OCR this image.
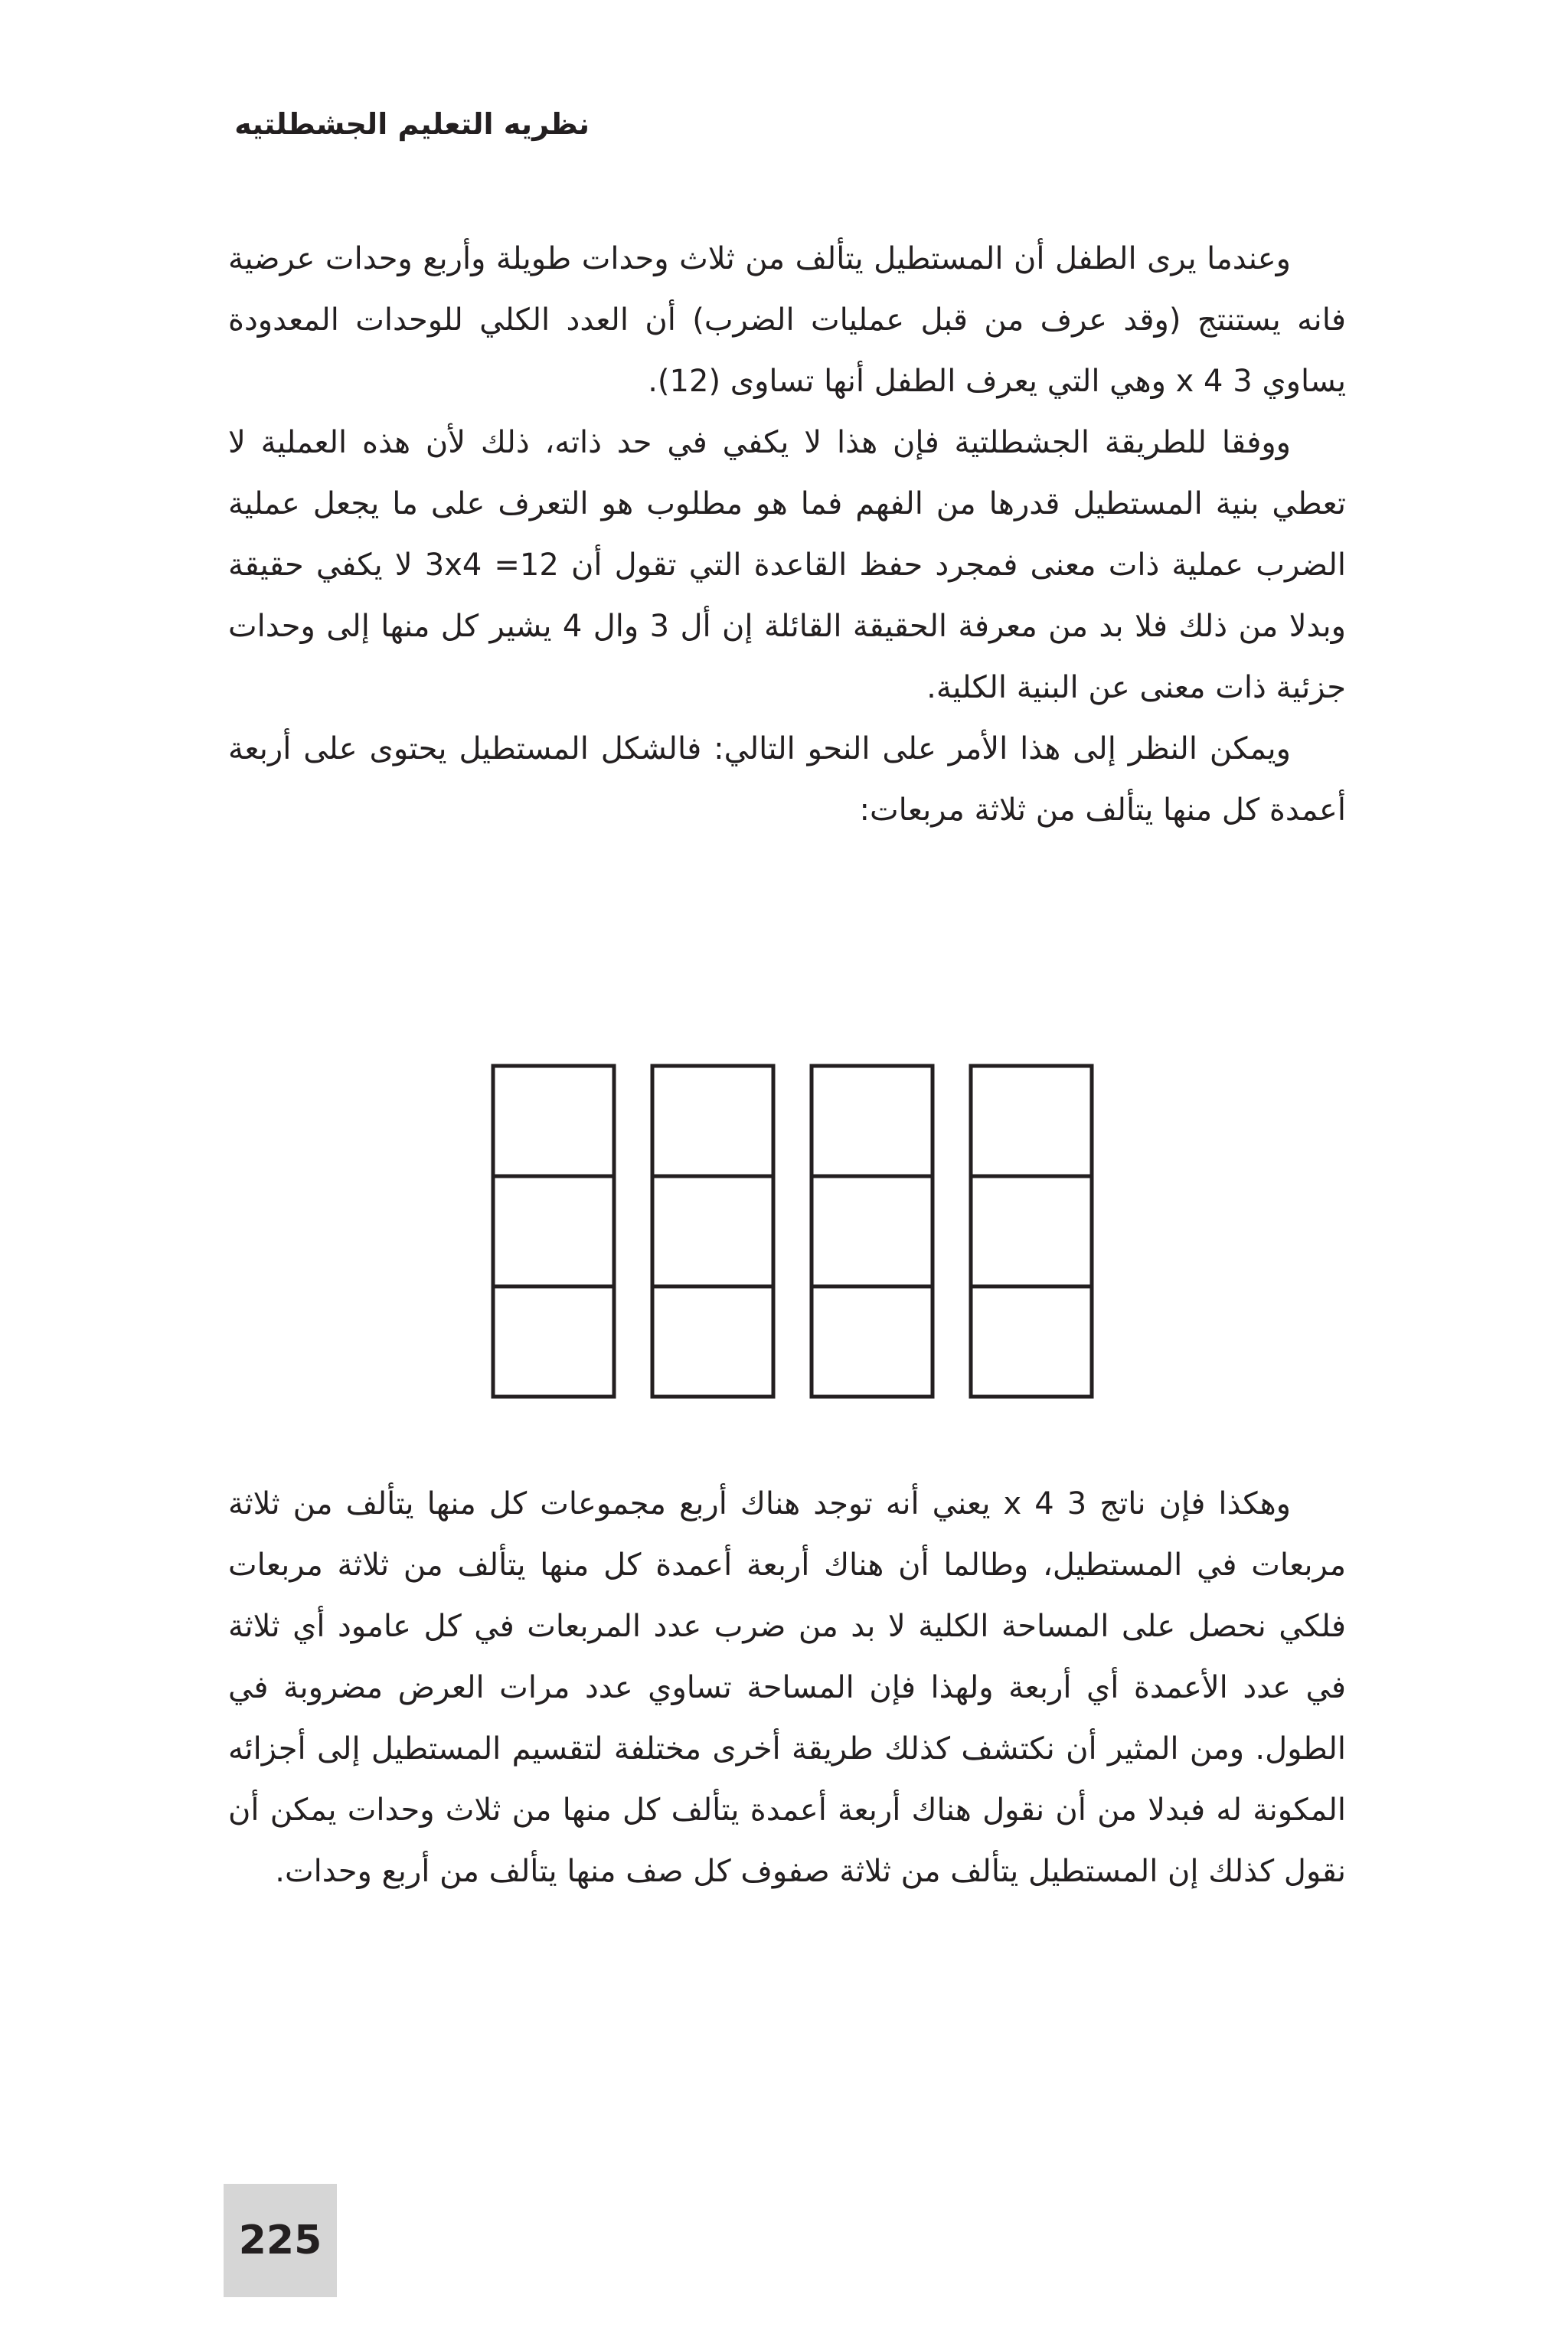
نظريه التعليم الجشطلتيه

وعندما يرى الطفل أن المستطيل يتألف من ثلاث وحدات طويلة وأربع وحدات عرضية فانه يستنتج (وقد عرف من قبل عمليات الضرب) أن العدد الكلي للوحدات المعدودة يساوي 3 x 4 وهي التي يعرف الطفل أنها تساوى (12).

ووفقا للطريقة الجشطلتية فإن هذا لا يكفي في حد ذاته، ذلك لأن هذه العملية لا تعطي بنية المستطيل قدرها من الفهم فما هو مطلوب هو التعرف على ما يجعل عملية الضرب عملية ذات معنى فمجرد حفظ القاعدة التي تقول أن 3x4 =12 لا يكفي حقيقة وبدلا من ذلك فلا بد من معرفة الحقيقة القائلة إن أل 3 وال 4 يشير كل منها إلى وحدات جزئية ذات معنى عن البنية الكلية.

ويمكن النظر إلى هذا الأمر على النحو التالي: فالشكل المستطيل يحتوى على أربعة أعمدة كل منها يتألف من ثلاثة مربعات:

وهكذا فإن ناتج 3 x 4 يعني أنه توجد هناك أربع مجموعات كل منها يتألف من ثلاثة مربعات في المستطيل، وطالما أن هناك أربعة أعمدة كل منها يتألف من ثلاثة مربعات فلكي نحصل على المساحة الكلية لا بد من ضرب عدد المربعات في كل عامود أي ثلاثة في عدد الأعمدة أي أربعة ولهذا فإن المساحة تساوي عدد مرات العرض مضروبة في الطول. ومن المثير أن نكتشف كذلك طريقة أخرى مختلفة لتقسيم المستطيل إلى أجزائه المكونة له فبدلا من أن نقول هناك أربعة أعمدة يتألف كل منها من ثلاث وحدات يمكن أن نقول كذلك إن المستطيل يتألف من ثلاثة صفوف كل صف منها يتألف من أربع وحدات.

225
